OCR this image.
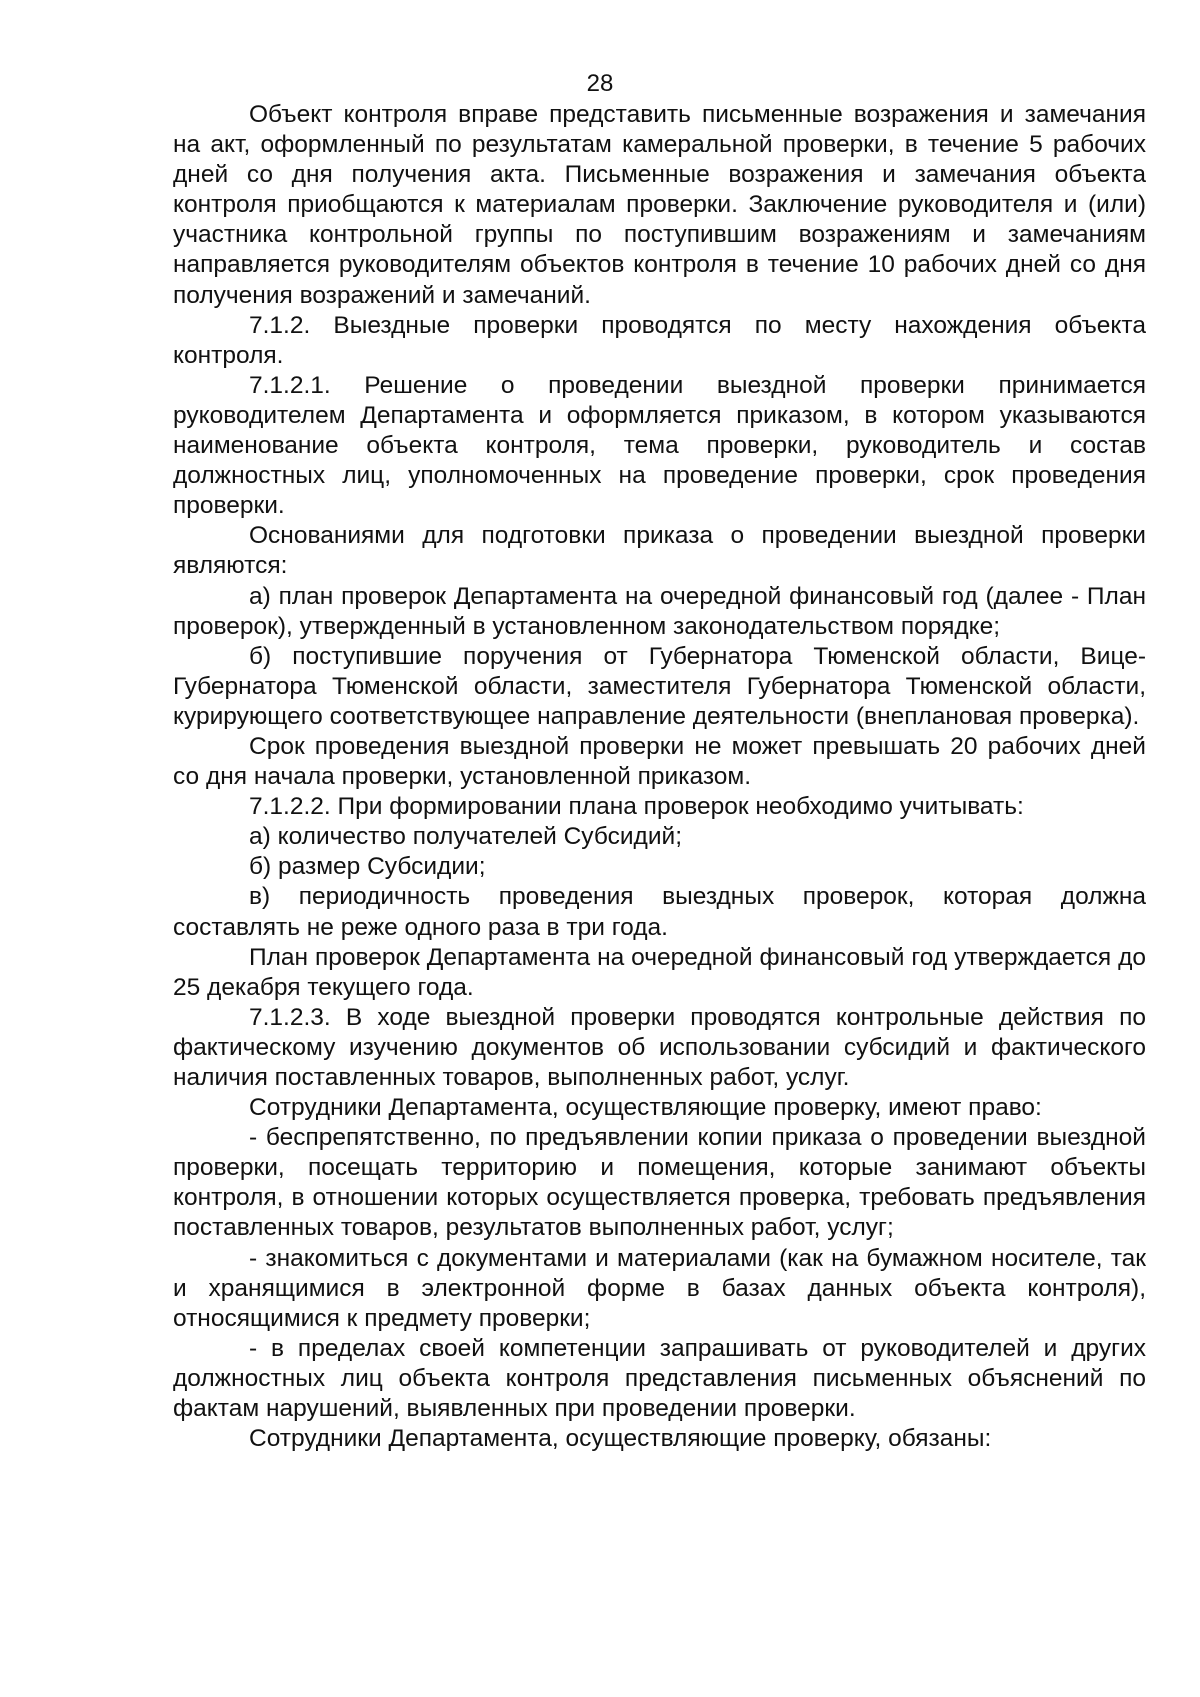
28

Объект контроля вправе представить письменные возражения и замечания на акт, оформленный по результатам камеральной проверки, в течение 5 рабочих дней со дня получения акта. Письменные возражения и замечания объекта контроля приобщаются к материалам проверки. Заключение руководителя и (или) участника контрольной группы по поступившим возражениям и замечаниям направляется руководителям объектов контроля в течение 10 рабочих дней со дня получения возражений и замечаний.

7.1.2. Выездные проверки проводятся по месту нахождения объекта контроля.

7.1.2.1. Решение о проведении выездной проверки принимается руководителем Департамента и оформляется приказом, в котором указываются наименование объекта контроля, тема проверки, руководитель и состав должностных лиц, уполномоченных на проведение проверки, срок проведения проверки.

Основаниями для подготовки приказа о проведении выездной проверки являются:

а) план проверок Департамента на очередной финансовый год (далее - План проверок), утвержденный в установленном законодательством порядке;

б) поступившие поручения от Губернатора Тюменской области, Вице-Губернатора Тюменской области, заместителя Губернатора Тюменской области, курирующего соответствующее направление деятельности (внеплановая проверка).

Срок проведения выездной проверки не может превышать 20 рабочих дней со дня начала проверки, установленной приказом.

7.1.2.2. При формировании плана проверок необходимо учитывать:

а) количество получателей Субсидий;

б) размер Субсидии;

в) периодичность проведения выездных проверок, которая должна составлять не реже одного раза в три года.

План проверок Департамента на очередной финансовый год утверждается до 25 декабря текущего года.

7.1.2.3. В ходе выездной проверки проводятся контрольные действия по фактическому изучению документов об использовании субсидий и фактического наличия поставленных товаров, выполненных работ, услуг.

Сотрудники Департамента, осуществляющие проверку, имеют право:

- беспрепятственно, по предъявлении копии приказа о проведении выездной проверки, посещать территорию и помещения, которые занимают объекты контроля, в отношении которых осуществляется проверка, требовать предъявления поставленных товаров, результатов выполненных работ, услуг;

- знакомиться с документами и материалами (как на бумажном носителе, так и хранящимися в электронной форме в базах данных объекта контроля), относящимися к предмету проверки;

- в пределах своей компетенции запрашивать от руководителей и других должностных лиц объекта контроля представления письменных объяснений по фактам нарушений, выявленных при проведении проверки.

Сотрудники Департамента, осуществляющие проверку, обязаны:
